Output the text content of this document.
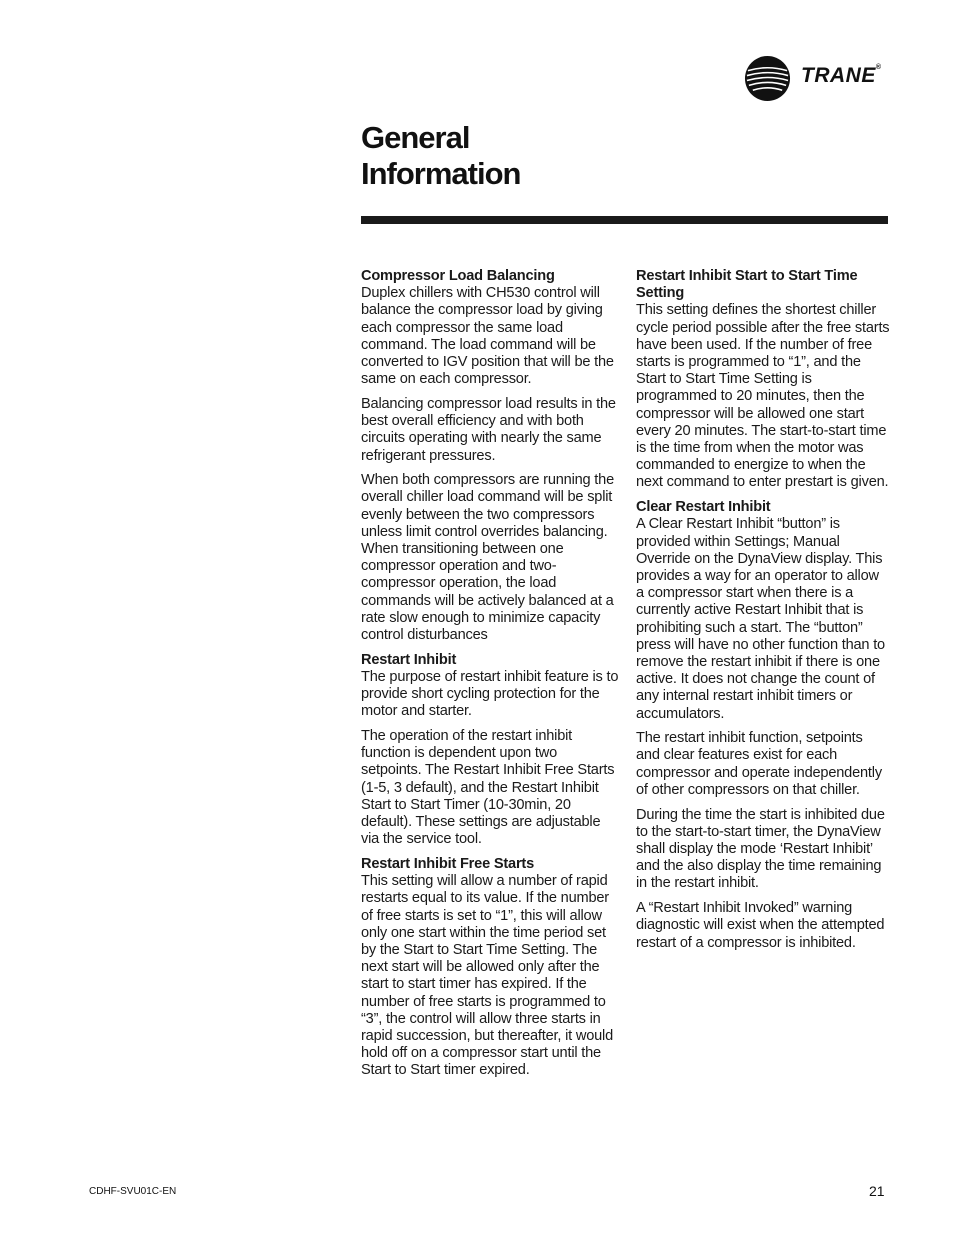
TRANE®
General
Information
Compressor Load Balancing

Duplex chillers with CH530 control will balance the compressor load by giving each compressor the same load command. The load command will be converted to IGV position that will be the same on each compressor.

Balancing compressor load results in the best overall efficiency and with both circuits operating with nearly the same refrigerant pressures.

When both compressors are running the overall chiller load command will be split evenly between the two compressors unless limit control overrides balancing. When transitioning between one compressor operation and two-compressor operation, the load commands will be actively balanced at a rate slow enough to minimize capacity control disturbances

Restart Inhibit

The purpose of restart inhibit feature is to provide short cycling protection for the motor and starter.

The operation of the restart inhibit function is dependent upon two setpoints. The Restart Inhibit Free Starts (1-5, 3 default), and the Restart Inhibit Start to Start Timer (10-30min, 20 default). These settings are adjustable via the service tool.

Restart Inhibit Free Starts

This setting will allow a number of rapid restarts equal to its value. If the number of free starts is set to “1”, this will allow only one start within the time period set by the Start to Start Time Setting. The next start will be allowed only after the start to start timer has expired. If the number of free starts is programmed to “3”, the control will allow three starts in rapid succession, but thereafter, it would hold off on a compressor start until the Start to Start timer expired.

Restart Inhibit Start to Start Time Setting

This setting defines the shortest chiller cycle period possible after the free starts have been used. If the number of free starts is programmed to “1”, and the Start to Start Time Setting is programmed to 20 minutes, then the compressor will be allowed one start every 20 minutes. The start-to-start time is the time from when the motor was commanded to energize to when the next command to enter prestart is given.

Clear Restart Inhibit

A Clear Restart Inhibit “button” is provided within Settings; Manual Override on the DynaView display. This provides a way for an operator to allow a compressor start when there is a currently active Restart Inhibit that is prohibiting such a start. The “button” press will have no other function than to remove the restart inhibit if there is one active. It does not change the count of any internal restart inhibit timers or accumulators.

The restart inhibit function, setpoints and clear features exist for each compressor and operate independently of other compressors on that chiller.

During the time the start is inhibited due to the start-to-start timer, the DynaView shall display the mode ‘Restart Inhibit’ and the also display the time remaining in the restart inhibit.

A “Restart Inhibit Invoked” warning diagnostic will exist when the attempted restart of a compressor is inhibited.

CDHF-SVU01C-EN	21
